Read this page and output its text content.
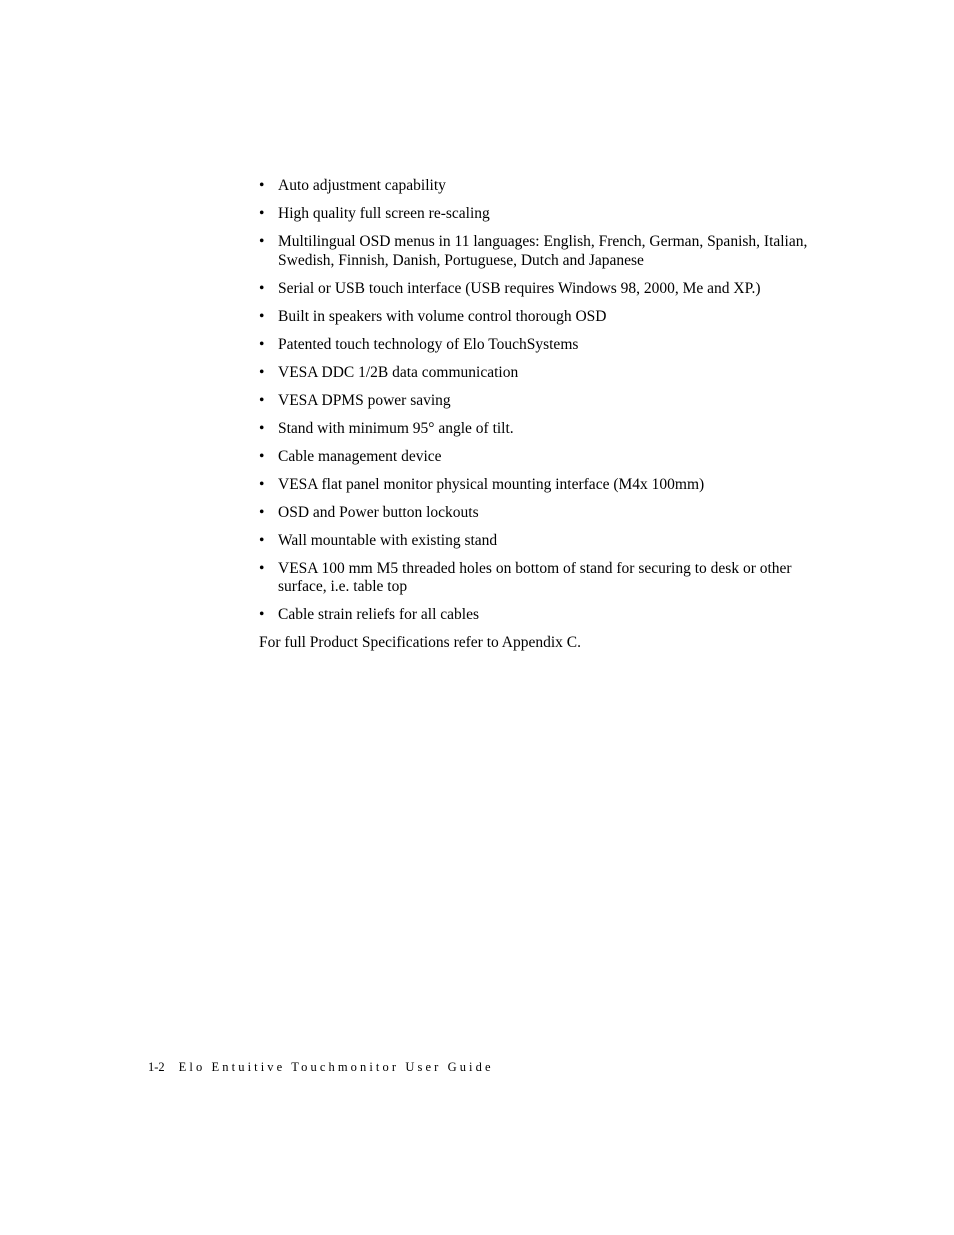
• Auto adjustment capability
• High quality full screen re-scaling
• Multilingual OSD menus in 11 languages: English, French, German, Spanish, Italian, Swedish, Finnish, Danish, Portuguese, Dutch and Japanese
• Serial or USB touch interface (USB requires Windows 98, 2000, Me and XP.)
• Built in speakers with volume control thorough OSD
• Patented touch technology of Elo TouchSystems
• VESA DDC 1/2B data communication
• VESA DPMS power saving
• Stand with minimum 95° angle of tilt.
• Cable management device
• VESA flat panel monitor physical mounting interface (M4x 100mm)
• OSD and Power button lockouts
• Wall mountable with existing stand
• VESA 100 mm M5 threaded holes on bottom of stand for securing to desk or other surface, i.e. table top
• Cable strain reliefs for all cables

For full Product Specifications refer to Appendix C.

1-2 Elo Entuitive Touchmonitor User Guide
